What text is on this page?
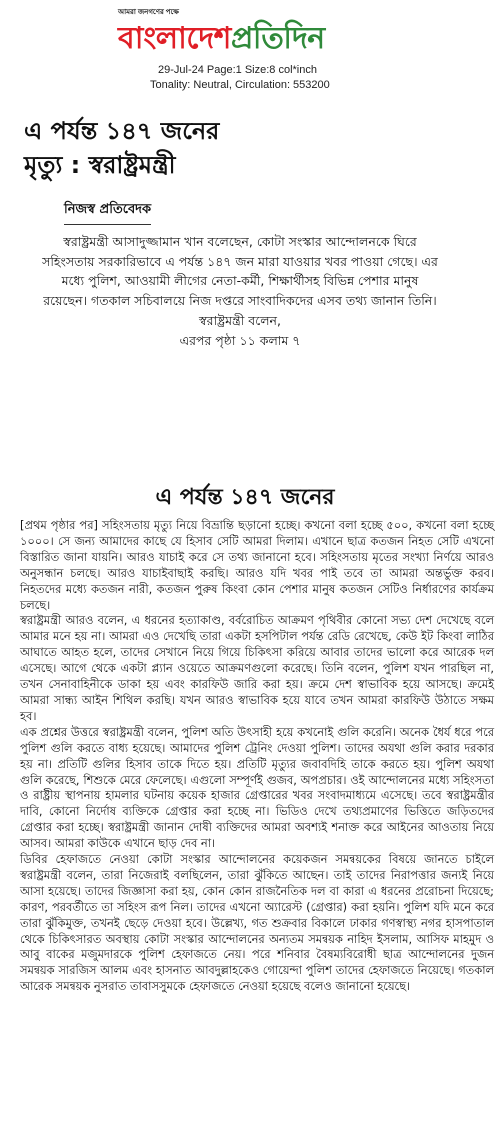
আমরা জনগণের পক্ষে
বাংলাদেশপ্রতিদিন
29-Jul-24 Page:1 Size:8 col*inch
Tonality: Neutral, Circulation: 553200
এ পর্যন্ত ১৪৭ জনের
মৃত্যু : স্বরাষ্ট্রমন্ত্রী
নিজস্ব প্রতিবেদক
স্বরাষ্ট্রমন্ত্রী আসাদুজ্জামান খান বলেছেন, কোটা সংস্কার আন্দোলনকে ঘিরে সহিংসতায় সরকারিভাবে এ পর্যন্ত ১৪৭ জন মারা যাওয়ার খবর পাওয়া গেছে। এর মধ্যে পুলিশ, আওয়ামী লীগের নেতা-কর্মী, শিক্ষার্থীসহ বিভিন্ন পেশার মানুষ রয়েছেন। গতকাল সচিবালয়ে নিজ দপ্তরে সাংবাদিকদের এসব তথ্য জানান তিনি। স্বরাষ্ট্রমন্ত্রী বলেন,
এরপর পৃষ্ঠা ১১ কলাম ৭
এ পর্যন্ত ১৪৭ জনের

[প্রথম পৃষ্ঠার পর] সহিংসতায় মৃত্যু নিয়ে বিভ্রান্তি ছড়ানো হচ্ছে। কখনো বলা হচ্ছে ৫০০, কখনো বলা হচ্ছে ১০০০। সে জন্য আমাদের কাছে যে হিসাব সেটি আমরা দিলাম। এখানে ছাত্র কতজন নিহত সেটি এখনো বিস্তারিত জানা যায়নি। আরও যাচাই করে সে তথ্য জানানো হবে। সহিংসতায় মৃতের সংখ্যা নির্ণয়ে আরও অনুসন্ধান চলছে। আরও যাচাইবাছাই করছি। আরও যদি খবর পাই তবে তা আমরা অন্তর্ভুক্ত করব। নিহতদের মধ্যে কতজন নারী, কতজন পুরুষ কিংবা কোন পেশার মানুষ কতজন সেটিও নির্ধারণের কার্যক্রম চলছে।

স্বরাষ্ট্রমন্ত্রী আরও বলেন, এ ধরনের হত্যাকাণ্ড, বর্বরোচিত আক্রমণ পৃথিবীর কোনো সভ্য দেশ দেখেছে বলে আমার মনে হয় না। আমরা এও দেখেছি তারা একটা হসপিটাল পর্যন্ত রেডি রেখেছে, কেউ ইট কিংবা লাঠির আঘাতে আহত হলে, তাদের সেখানে নিয়ে গিয়ে চিকিৎসা করিয়ে আবার তাদের ভালো করে আরেক দল এসেছে। আগে থেকে একটা প্ল্যান ওয়েতে আক্রমণগুলো করেছে। তিনি বলেন, পুলিশ যখন পারছিল না, তখন সেনাবাহিনীকে ডাকা হয় এবং কারফিউ জারি করা হয়। ক্রমে দেশ স্বাভাবিক হয়ে আসছে। ক্রমেই আমরা সান্ধ্য আইন শিথিল করছি। যখন আরও স্বাভাবিক হয়ে যাবে তখন আমরা কারফিউ উঠাতে সক্ষম হব।

এক প্রশ্নের উত্তরে স্বরাষ্ট্রমন্ত্রী বলেন, পুলিশ অতি উৎসাহী হয়ে কখনোই গুলি করেনি। অনেক ধৈর্য ধরে পরে পুলিশ গুলি করতে বাধ্য হয়েছে। আমাদের পুলিশ ট্রেনিং দেওয়া পুলিশ। তাদের অযথা গুলি করার দরকার হয় না। প্রতিটি গুলির হিসাব তাকে দিতে হয়। প্রতিটি মৃত্যুর জবাবদিহি তাকে করতে হয়। পুলিশ অযথা গুলি করেছে, শিশুকে মেরে ফেলেছে। এগুলো সম্পূর্ণই গুজব, অপপ্রচার। ওই আন্দোলনের মধ্যে সহিংসতা ও রাষ্ট্রীয় স্থাপনায় হামলার ঘটনায় কয়েক হাজার গ্রেপ্তারের খবর সংবাদমাধ্যমে এসেছে। তবে স্বরাষ্ট্রমন্ত্রীর দাবি, কোনো নির্দোষ ব্যক্তিকে গ্রেপ্তার করা হচ্ছে না। ভিডিও দেখে তথ্যপ্রমাণের ভিত্তিতে জড়িতদের গ্রেপ্তার করা হচ্ছে। স্বরাষ্ট্রমন্ত্রী জানান দোষী ব্যক্তিদের আমরা অবশ্যই শনাক্ত করে আইনের আওতায় নিয়ে আসব। আমরা কাউকে এখানে ছাড় দেব না।

ডিবির হেফাজতে নেওয়া কোটা সংস্কার আন্দোলনের কয়েকজন সমন্বয়কের বিষয়ে জানতে চাইলে স্বরাষ্ট্রমন্ত্রী বলেন, তারা নিজেরাই বলছিলেন, তারা ঝুঁকিতে আছেন। তাই তাদের নিরাপত্তার জন্যই নিয়ে আসা হয়েছে। তাদের জিজ্ঞাসা করা হয়, কোন কোন রাজনৈতিক দল বা কারা এ ধরনের প্ররোচনা দিয়েছে; কারণ, পরবর্তীতে তা সহিংস রূপ নিল। তাদের এখনো অ্যারেস্ট (গ্রেপ্তার) করা হয়নি। পুলিশ যদি মনে করে তারা ঝুঁকিমুক্ত, তখনই ছেড়ে দেওয়া হবে। উল্লেখ্য, গত শুক্রবার বিকালে ঢাকার গণস্বাস্থ্য নগর হাসপাতাল থেকে চিকিৎসারত অবস্থায় কোটা সংস্কার আন্দোলনের অন্যতম সমন্বয়ক নাহিদ ইসলাম, আসিফ মাহমুদ ও আবু বাকের মজুমদারকে পুলিশ হেফাজতে নেয়। পরে শনিবার বৈষম্যবিরোধী ছাত্র আন্দোলনের দুজন সমন্বয়ক সারজিস আলম এবং হাসনাত আবদুল্লাহকেও গোয়েন্দা পুলিশ তাদের হেফাজতে নিয়েছে। গতকাল আরেক সমন্বয়ক নুসরাত তাবাসসুমকে হেফাজতে নেওয়া হয়েছে বলেও জানানো হয়েছে।
